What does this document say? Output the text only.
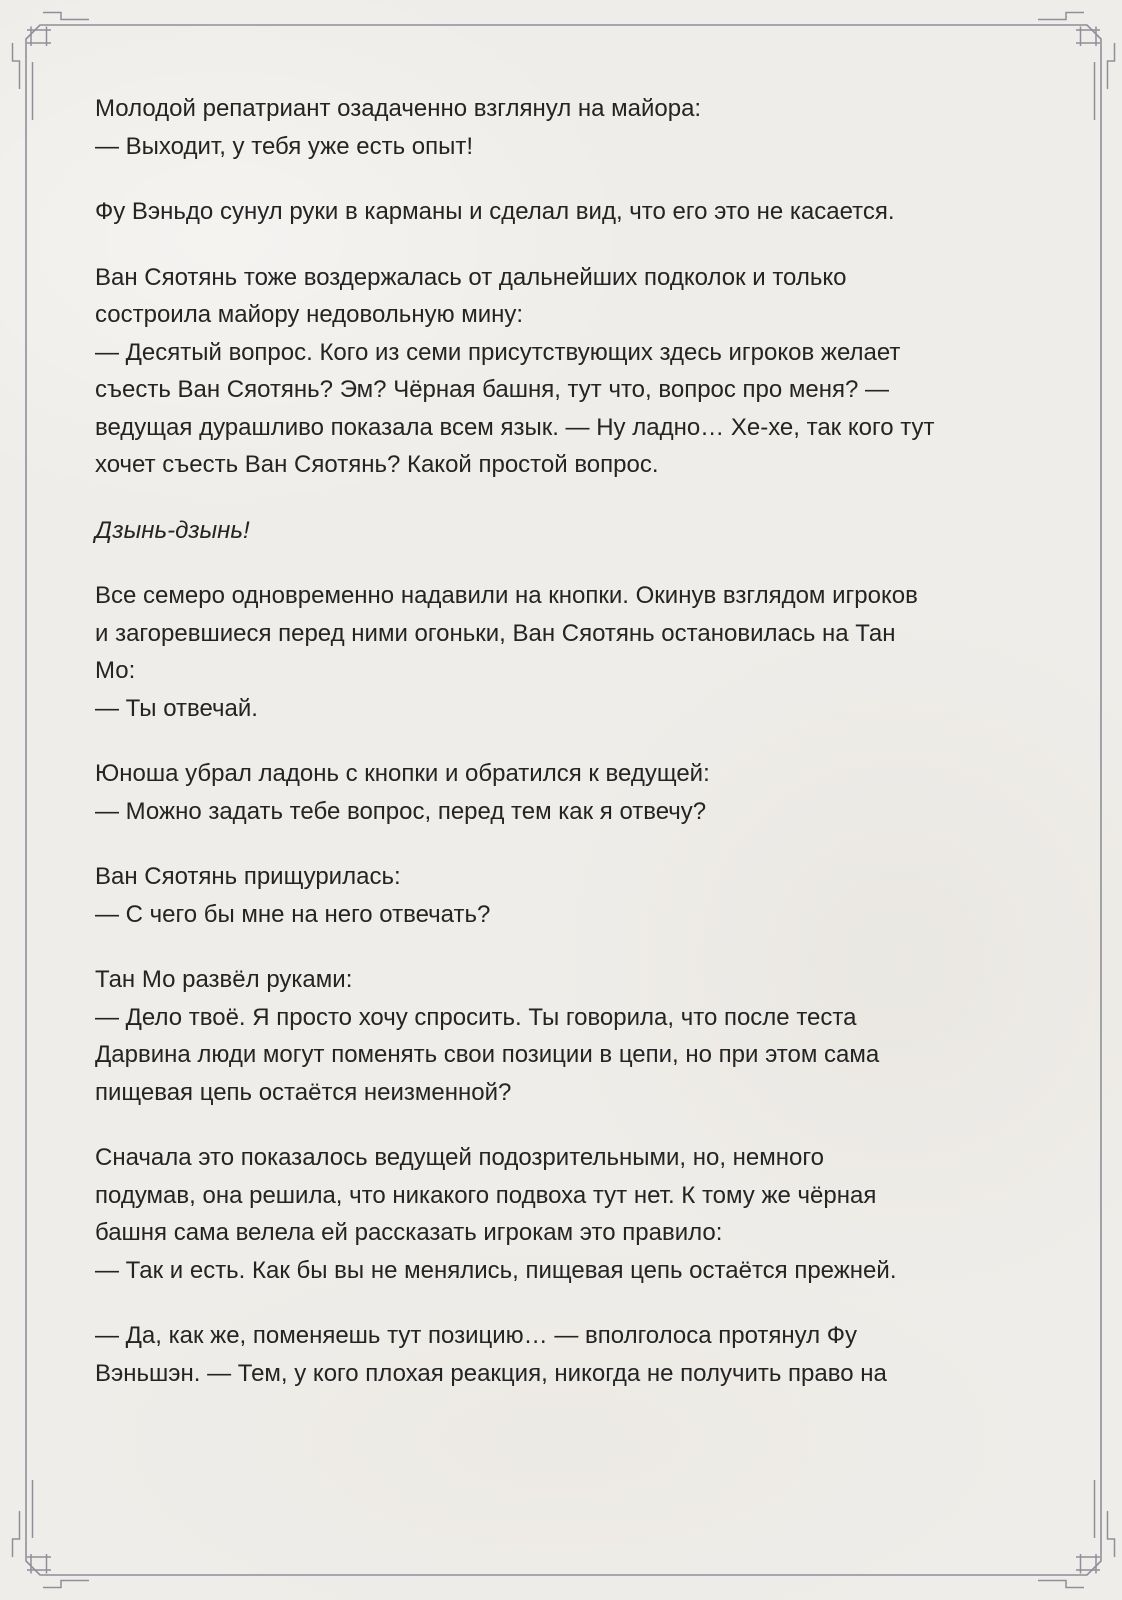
Молодой репатриант озадаченно взглянул на майора:
— Выходит, у тебя уже есть опыт!

Фу Вэньдо сунул руки в карманы и сделал вид, что его это не касается.

Ван Сяотянь тоже воздержалась от дальнейших подколок и только
состроила майору недовольную мину:
— Десятый вопрос. Кого из семи присутствующих здесь игроков желает
съесть Ван Сяотянь? Эм? Чёрная башня, тут что, вопрос про меня? —
ведущая дурашливо показала всем язык. — Ну ладно… Хе-хе, так кого тут
хочет съесть Ван Сяотянь? Какой простой вопрос.

Дзынь-дзынь!

Все семеро одновременно надавили на кнопки. Окинув взглядом игроков
и загоревшиеся перед ними огоньки, Ван Сяотянь остановилась на Тан
Мо:
— Ты отвечай.

Юноша убрал ладонь с кнопки и обратился к ведущей:
— Можно задать тебе вопрос, перед тем как я отвечу?

Ван Сяотянь прищурилась:
— С чего бы мне на него отвечать?

Тан Мо развёл руками:
— Дело твоё. Я просто хочу спросить. Ты говорила, что после теста
Дарвина люди могут поменять свои позиции в цепи, но при этом сама
пищевая цепь остаётся неизменной?

Сначала это показалось ведущей подозрительными, но, немного
подумав, она решила, что никакого подвоха тут нет. К тому же чёрная
башня сама велела ей рассказать игрокам это правило:
— Так и есть. Как бы вы не менялись, пищевая цепь остаётся прежней.

— Да, как же, поменяешь тут позицию… — вполголоса протянул Фу
Вэньшэн. — Тем, у кого плохая реакция, никогда не получить право на
